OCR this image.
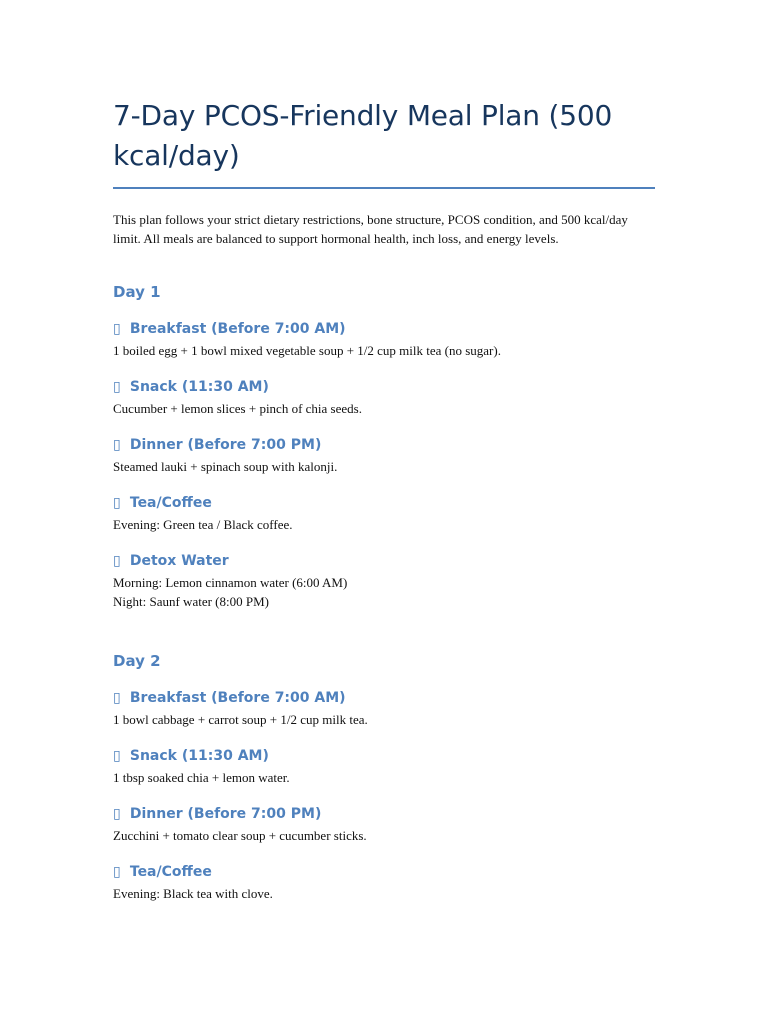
7-Day PCOS-Friendly Meal Plan (500 kcal/day)

This plan follows your strict dietary restrictions, bone structure, PCOS condition, and 500 kcal/day limit. All meals are balanced to support hormonal health, inch loss, and energy levels.

Day 1
▯ Breakfast (Before 7:00 AM)

1 boiled egg + 1 bowl mixed vegetable soup + 1/2 cup milk tea (no sugar).

▯ Snack (11:30 AM)

Cucumber + lemon slices + pinch of chia seeds.

▯ Dinner (Before 7:00 PM)

Steamed lauki + spinach soup with kalonji.

▯ Tea/Coffee

Evening: Green tea / Black coffee.

▯ Detox Water

Morning: Lemon cinnamon water (6:00 AM)
Night: Saunf water (8:00 PM)

Day 2
▯ Breakfast (Before 7:00 AM)

1 bowl cabbage + carrot soup + 1/2 cup milk tea.

▯ Snack (11:30 AM)

1 tbsp soaked chia + lemon water.

▯ Dinner (Before 7:00 PM)

Zucchini + tomato clear soup + cucumber sticks.

▯ Tea/Coffee

Evening: Black tea with clove.
